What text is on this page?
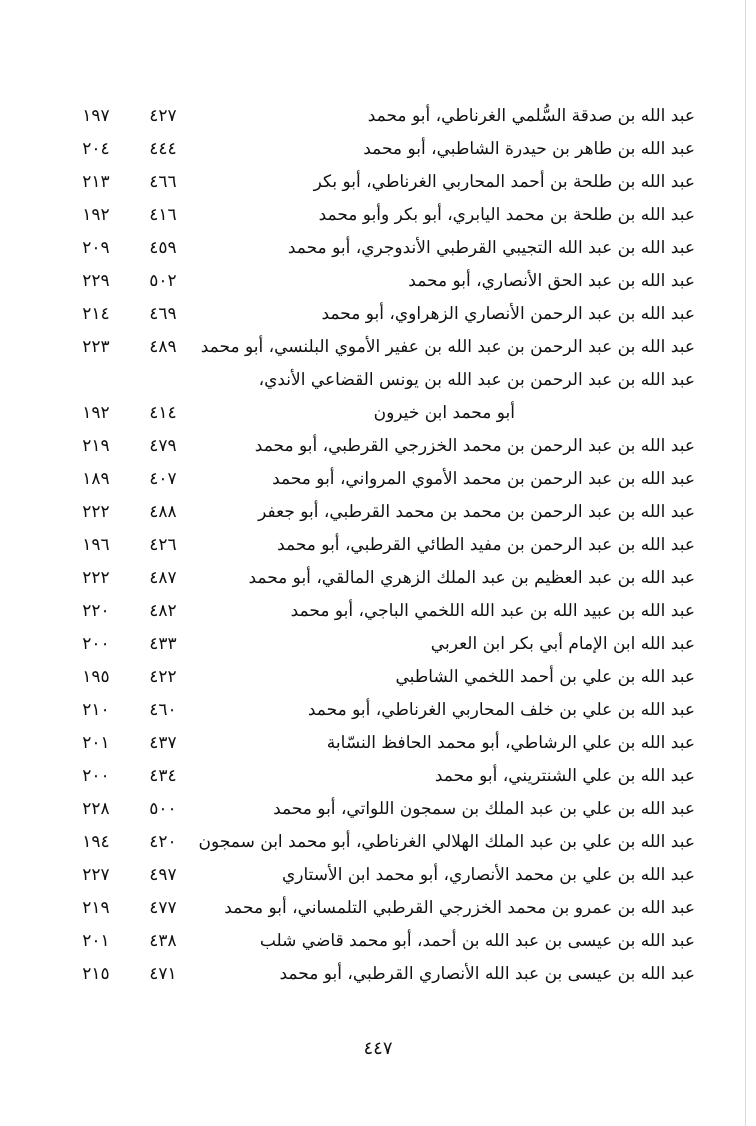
عبد الله بن صدقة السُّلمي الغرناطي، أبو محمد
٤٢٧
١٩٧
عبد الله بن طاهر بن حيدرة الشاطبي، أبو محمد
٤٤٤
٢٠٤
عبد الله بن طلحة بن أحمد المحاربي الغرناطي، أبو بكر
٤٦٦
٢١٣
عبد الله بن طلحة بن محمد اليابري، أبو بكر وأبو محمد
٤١٦
١٩٢
عبد الله بن عبد الله التجيبي القرطبي الأندوجري، أبو محمد
٤٥٩
٢٠٩
عبد الله بن عبد الحق الأنصاري، أبو محمد
٥٠٢
٢٢٩
عبد الله بن عبد الرحمن الأنصاري الزهراوي، أبو محمد
٤٦٩
٢١٤
عبد الله بن عبد الرحمن بن عبد الله بن عفير الأموي البلنسي، أبو محمد
٤٨٩
٢٢٣
عبد الله بن عبد الرحمن بن عبد الله بن يونس القضاعي الأندي،
أبو محمد ابن خيرون
٤١٤
١٩٢
عبد الله بن عبد الرحمن بن محمد الخزرجي القرطبي، أبو محمد
٤٧٩
٢١٩
عبد الله بن عبد الرحمن بن محمد الأموي المرواني، أبو محمد
٤٠٧
١٨٩
عبد الله بن عبد الرحمن بن محمد بن محمد القرطبي، أبو جعفر
٤٨٨
٢٢٢
عبد الله بن عبد الرحمن بن مفيد الطائي القرطبي، أبو محمد
٤٢٦
١٩٦
عبد الله بن عبد العظيم بن عبد الملك الزهري المالقي، أبو محمد
٤٨٧
٢٢٢
عبد الله بن عبيد الله بن عبد الله اللخمي الباجي، أبو محمد
٤٨٢
٢٢٠
عبد الله ابن الإمام أبي بكر ابن العربي
٤٣٣
٢٠٠
عبد الله بن علي بن أحمد اللخمي الشاطبي
٤٢٢
١٩٥
عبد الله بن علي بن خلف المحاربي الغرناطي، أبو محمد
٤٦٠
٢١٠
عبد الله بن علي الرشاطي، أبو محمد الحافظ النسّابة
٤٣٧
٢٠١
عبد الله بن علي الشنتريني، أبو محمد
٤٣٤
٢٠٠
عبد الله بن علي بن عبد الملك بن سمجون اللواتي، أبو محمد
٥٠٠
٢٢٨
عبد الله بن علي بن عبد الملك الهلالي الغرناطي، أبو محمد ابن سمجون
٤٢٠
١٩٤
عبد الله بن علي بن محمد الأنصاري، أبو محمد ابن الأستاري
٤٩٧
٢٢٧
عبد الله بن عمرو بن محمد الخزرجي القرطبي التلمساني، أبو محمد
٤٧٧
٢١٩
عبد الله بن عيسى بن عبد الله بن أحمد، أبو محمد قاضي شلب
٤٣٨
٢٠١
عبد الله بن عيسى بن عبد الله الأنصاري القرطبي، أبو محمد
٤٧١
٢١٥
٤٤٧
